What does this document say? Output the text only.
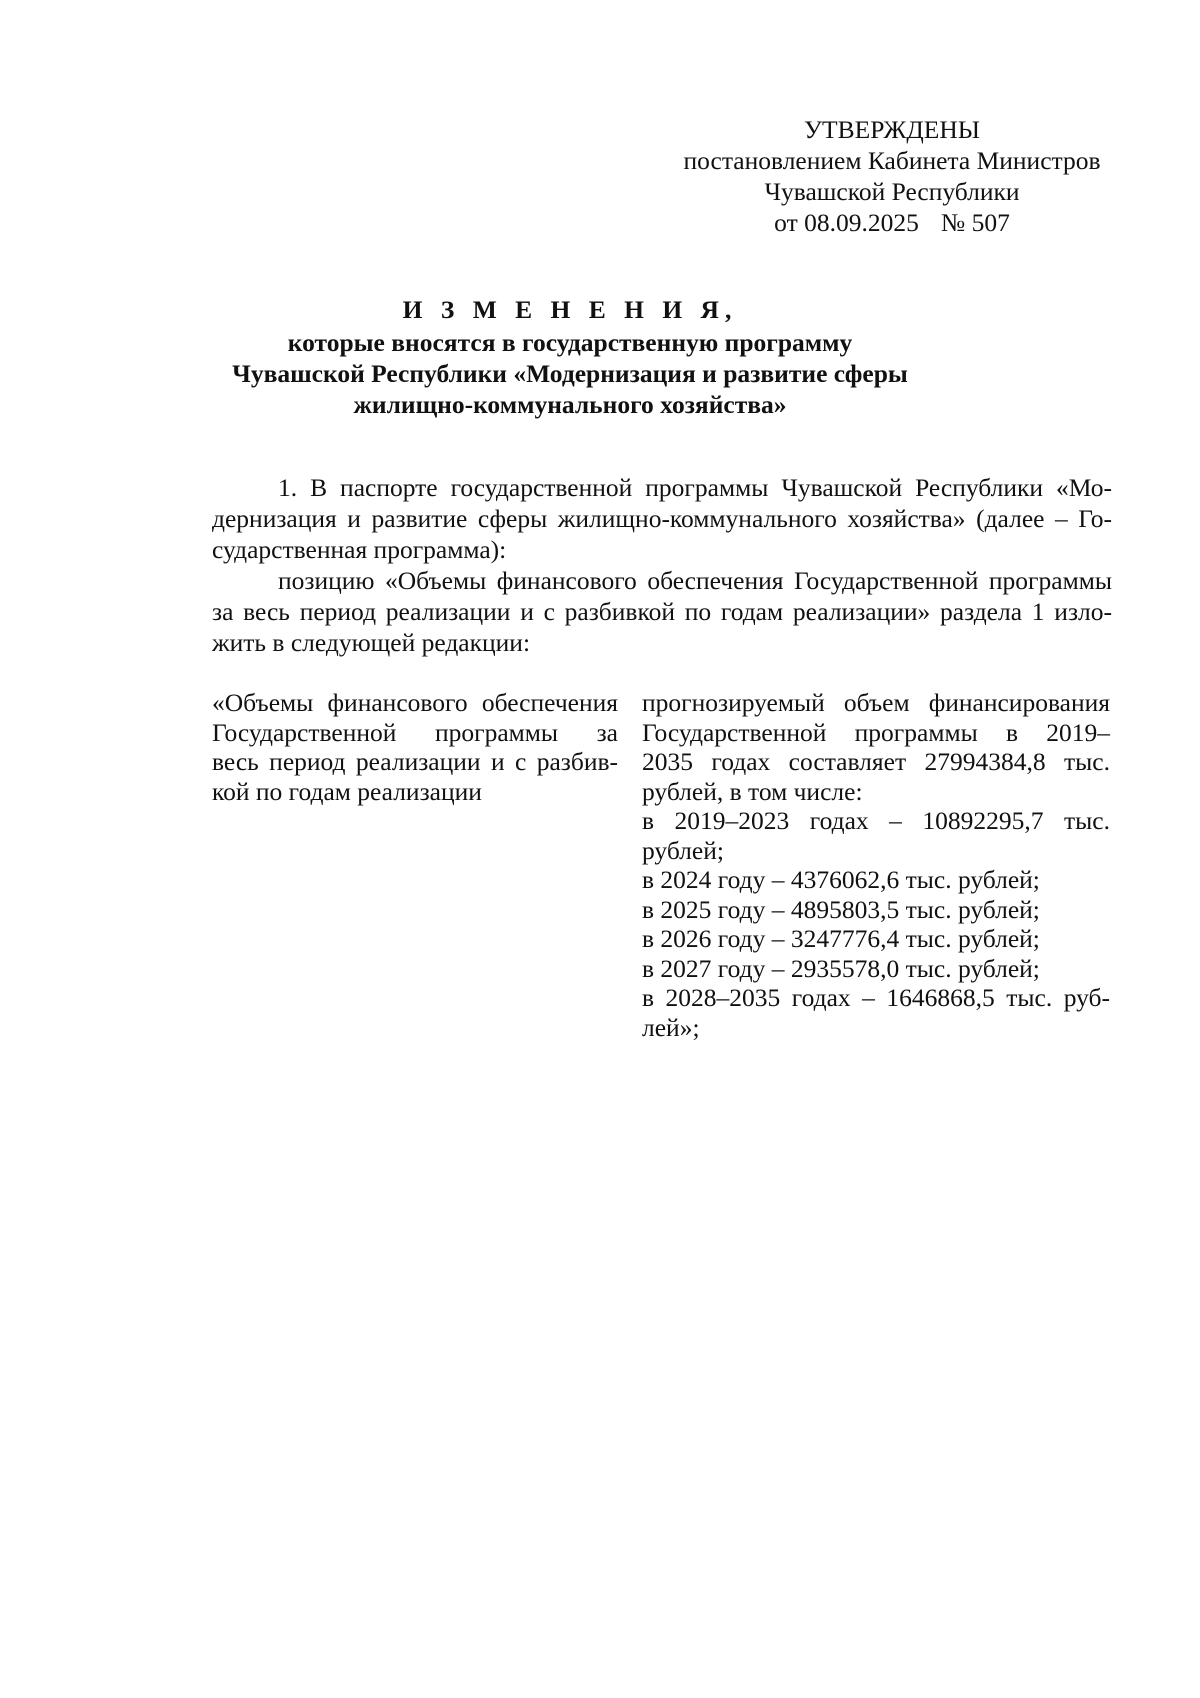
УТВЕРЖДЕНЫ
постановлением Кабинета Министров
Чувашской Республики
от 08.09.2025 № 507
И З М Е Н Е Н И Я,
которые вносятся в государственную программу
Чувашской Республики «Модернизация и развитие сферы
жилищно-коммунального хозяйства»
1. В паспорте государственной программы Чувашской Республики «Мо-
дернизация и развитие сферы жилищно-коммунального хозяйства» (далее – Го-
сударственная программа):
позицию «Объемы финансового обеспечения Государственной программы
за весь период реализации и с разбивкой по годам реализации» раздела 1 изло-
жить в следующей редакции:
«Объемы финансового обеспечения
Государственной программы за
весь период реализации и с разбив-
кой по годам реализации
прогнозируемый объем финансирования
Государственной программы в 2019–
2035 годах составляет 27994384,8 тыс.
рублей, в том числе:
в 2019–2023 годах – 10892295,7 тыс.
рублей;
в 2024 году – 4376062,6 тыс. рублей;
в 2025 году – 4895803,5 тыс. рублей;
в 2026 году – 3247776,4 тыс. рублей;
в 2027 году – 2935578,0 тыс. рублей;
в 2028–2035 годах – 1646868,5 тыс. руб-
лей»;
